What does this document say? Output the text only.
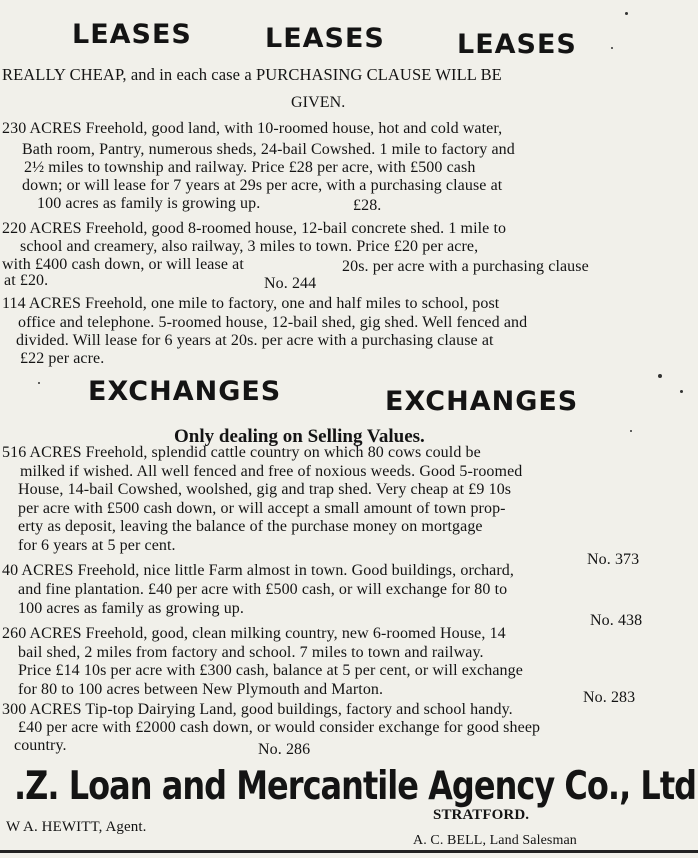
LEASES	LEASES	LEASES
REALLY CHEAP, and in each case a PURCHASING CLAUSE WILL BE
GIVEN.
230 ACRES Freehold, good land, with 10-roomed house, hot and cold water,
Bath room, Pantry, numerous sheds, 24-bail Cowshed. 1 mile to factory and
2½ miles to township and railway. Price £28 per acre, with £500 cash
down; or will lease for 7 years at 29s per acre, with a purchasing clause at
100 acres as family is growing up.	£28.
220 ACRES Freehold, good 8-roomed house, 12-bail concrete shed. 1 mile to
school and creamery, also railway, 3 miles to town. Price £20 per acre,
with £400 cash down, or will lease at	20s. per acre with a purchasing clause
at £20.	No. 244
114 ACRES Freehold, one mile to factory, one and half miles to school, post
office and telephone. 5-roomed house, 12-bail shed, gig shed. Well fenced and
divided. Will lease for 6 years at 20s. per acre with a purchasing clause at
£22 per acre.
EXCHANGES	EXCHANGES
Only dealing on Selling Values.
516 ACRES Freehold, splendid cattle country on which 80 cows could be
milked if wished. All well fenced and free of noxious weeds. Good 5-roomed
House, 14-bail Cowshed, woolshed, gig and trap shed. Very cheap at £9 10s
per acre with £500 cash down, or will accept a small amount of town prop-
erty as deposit, leaving the balance of the purchase money on mortgage
for 6 years at 5 per cent.
No. 373
40 ACRES Freehold, nice little Farm almost in town. Good buildings, orchard,
and fine plantation. £40 per acre with £500 cash, or will exchange for 80 to
100 acres as family as growing up.
No. 438
260 ACRES Freehold, good, clean milking country, new 6-roomed House, 14
bail shed, 2 miles from factory and school. 7 miles to town and railway.
Price £14 10s per acre with £300 cash, balance at 5 per cent, or will exchange
for 80 to 100 acres between New Plymouth and Marton.	No. 283
300 ACRES Tip-top Dairying Land, good buildings, factory and school handy.
£40 per acre with £2000 cash down, or would consider exchange for good sheep
country.	No. 286
.Z. Loan and Mercantile Agency Co., Ltd
STRATFORD.
W A. HEWITT, Agent.
A. C. BELL, Land Salesman
